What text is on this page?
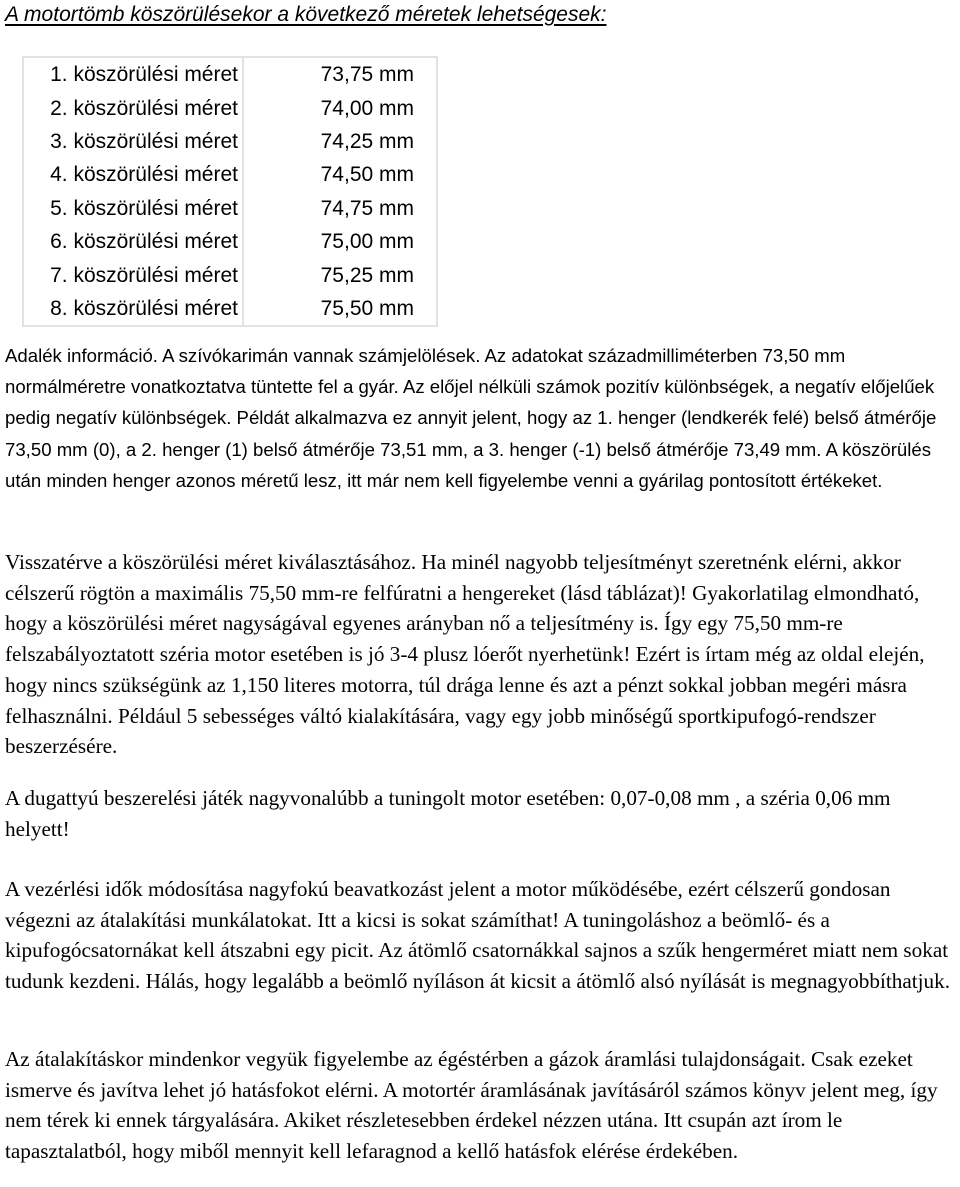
A motortömb köszörülésekor a következő méretek lehetségesek:
1. köszörülési méret	73,75 mm
2. köszörülési méret	74,00 mm
3. köszörülési méret	74,25 mm
4. köszörülési méret	74,50 mm
5. köszörülési méret	74,75 mm
6. köszörülési méret	75,00 mm
7. köszörülési méret	75,25 mm
8. köszörülési méret	75,50 mm

Adalék információ. A szívókarimán vannak számjelölések. Az adatokat századmilliméterben 73,50 mm normálméretre vonatkoztatva tüntette fel a gyár. Az előjel nélküli számok pozitív különbségek, a negatív előjelűek pedig negatív különbségek. Példát alkalmazva ez annyit jelent, hogy az 1. henger (lendkerék felé) belső átmérője 73,50 mm (0), a 2. henger (1) belső átmérője 73,51 mm, a 3. henger (-1) belső átmérője 73,49 mm. A köszörülés után minden henger azonos méretű lesz, itt már nem kell figyelembe venni a gyárilag pontosított értékeket.

Visszatérve a köszörülési méret kiválasztásához. Ha minél nagyobb teljesítményt szeretnénk elérni, akkor célszerű rögtön a maximális 75,50 mm-re felfúratni a hengereket (lásd táblázat)! Gyakorlatilag elmondható, hogy a köszörülési méret nagyságával egyenes arányban nő a teljesítmény is. Így egy 75,50 mm-re felszabályoztatott széria motor esetében is jó 3-4 plusz lóerőt nyerhetünk! Ezért is írtam még az oldal elején, hogy nincs szükségünk az 1,150 literes motorra, túl drága lenne és azt a pénzt sokkal jobban megéri másra felhasználni. Például 5 sebességes váltó kialakítására, vagy egy jobb minőségű sportkipufogó-rendszer beszerzésére.

A dugattyú beszerelési játék nagyvonalúbb a tuningolt motor esetében: 0,07-0,08 mm , a széria 0,06 mm helyett!

A vezérlési idők módosítása nagyfokú beavatkozást jelent a motor működésébe, ezért célszerű gondosan végezni az átalakítási munkálatokat. Itt a kicsi is sokat számíthat! A tuningoláshoz a beömlő- és a kipufogócsatornákat kell átszabni egy picit. Az átömlő csatornákkal sajnos a szűk hengerméret miatt nem sokat tudunk kezdeni. Hálás, hogy legalább a beömlő nyíláson át kicsit a átömlő alsó nyílását is megnagyobbíthatjuk.

Az átalakításkor mindenkor vegyük figyelembe az égéstérben a gázok áramlási tulajdonságait. Csak ezeket ismerve és javítva lehet jó hatásfokot elérni. A motortér áramlásának javításáról számos könyv jelent meg, így nem térek ki ennek tárgyalására. Akiket részletesebben érdekel nézzen utána. Itt csupán azt írom le tapasztalatból, hogy miből mennyit kell lefaragnod a kellő hatásfok elérése érdekében.
